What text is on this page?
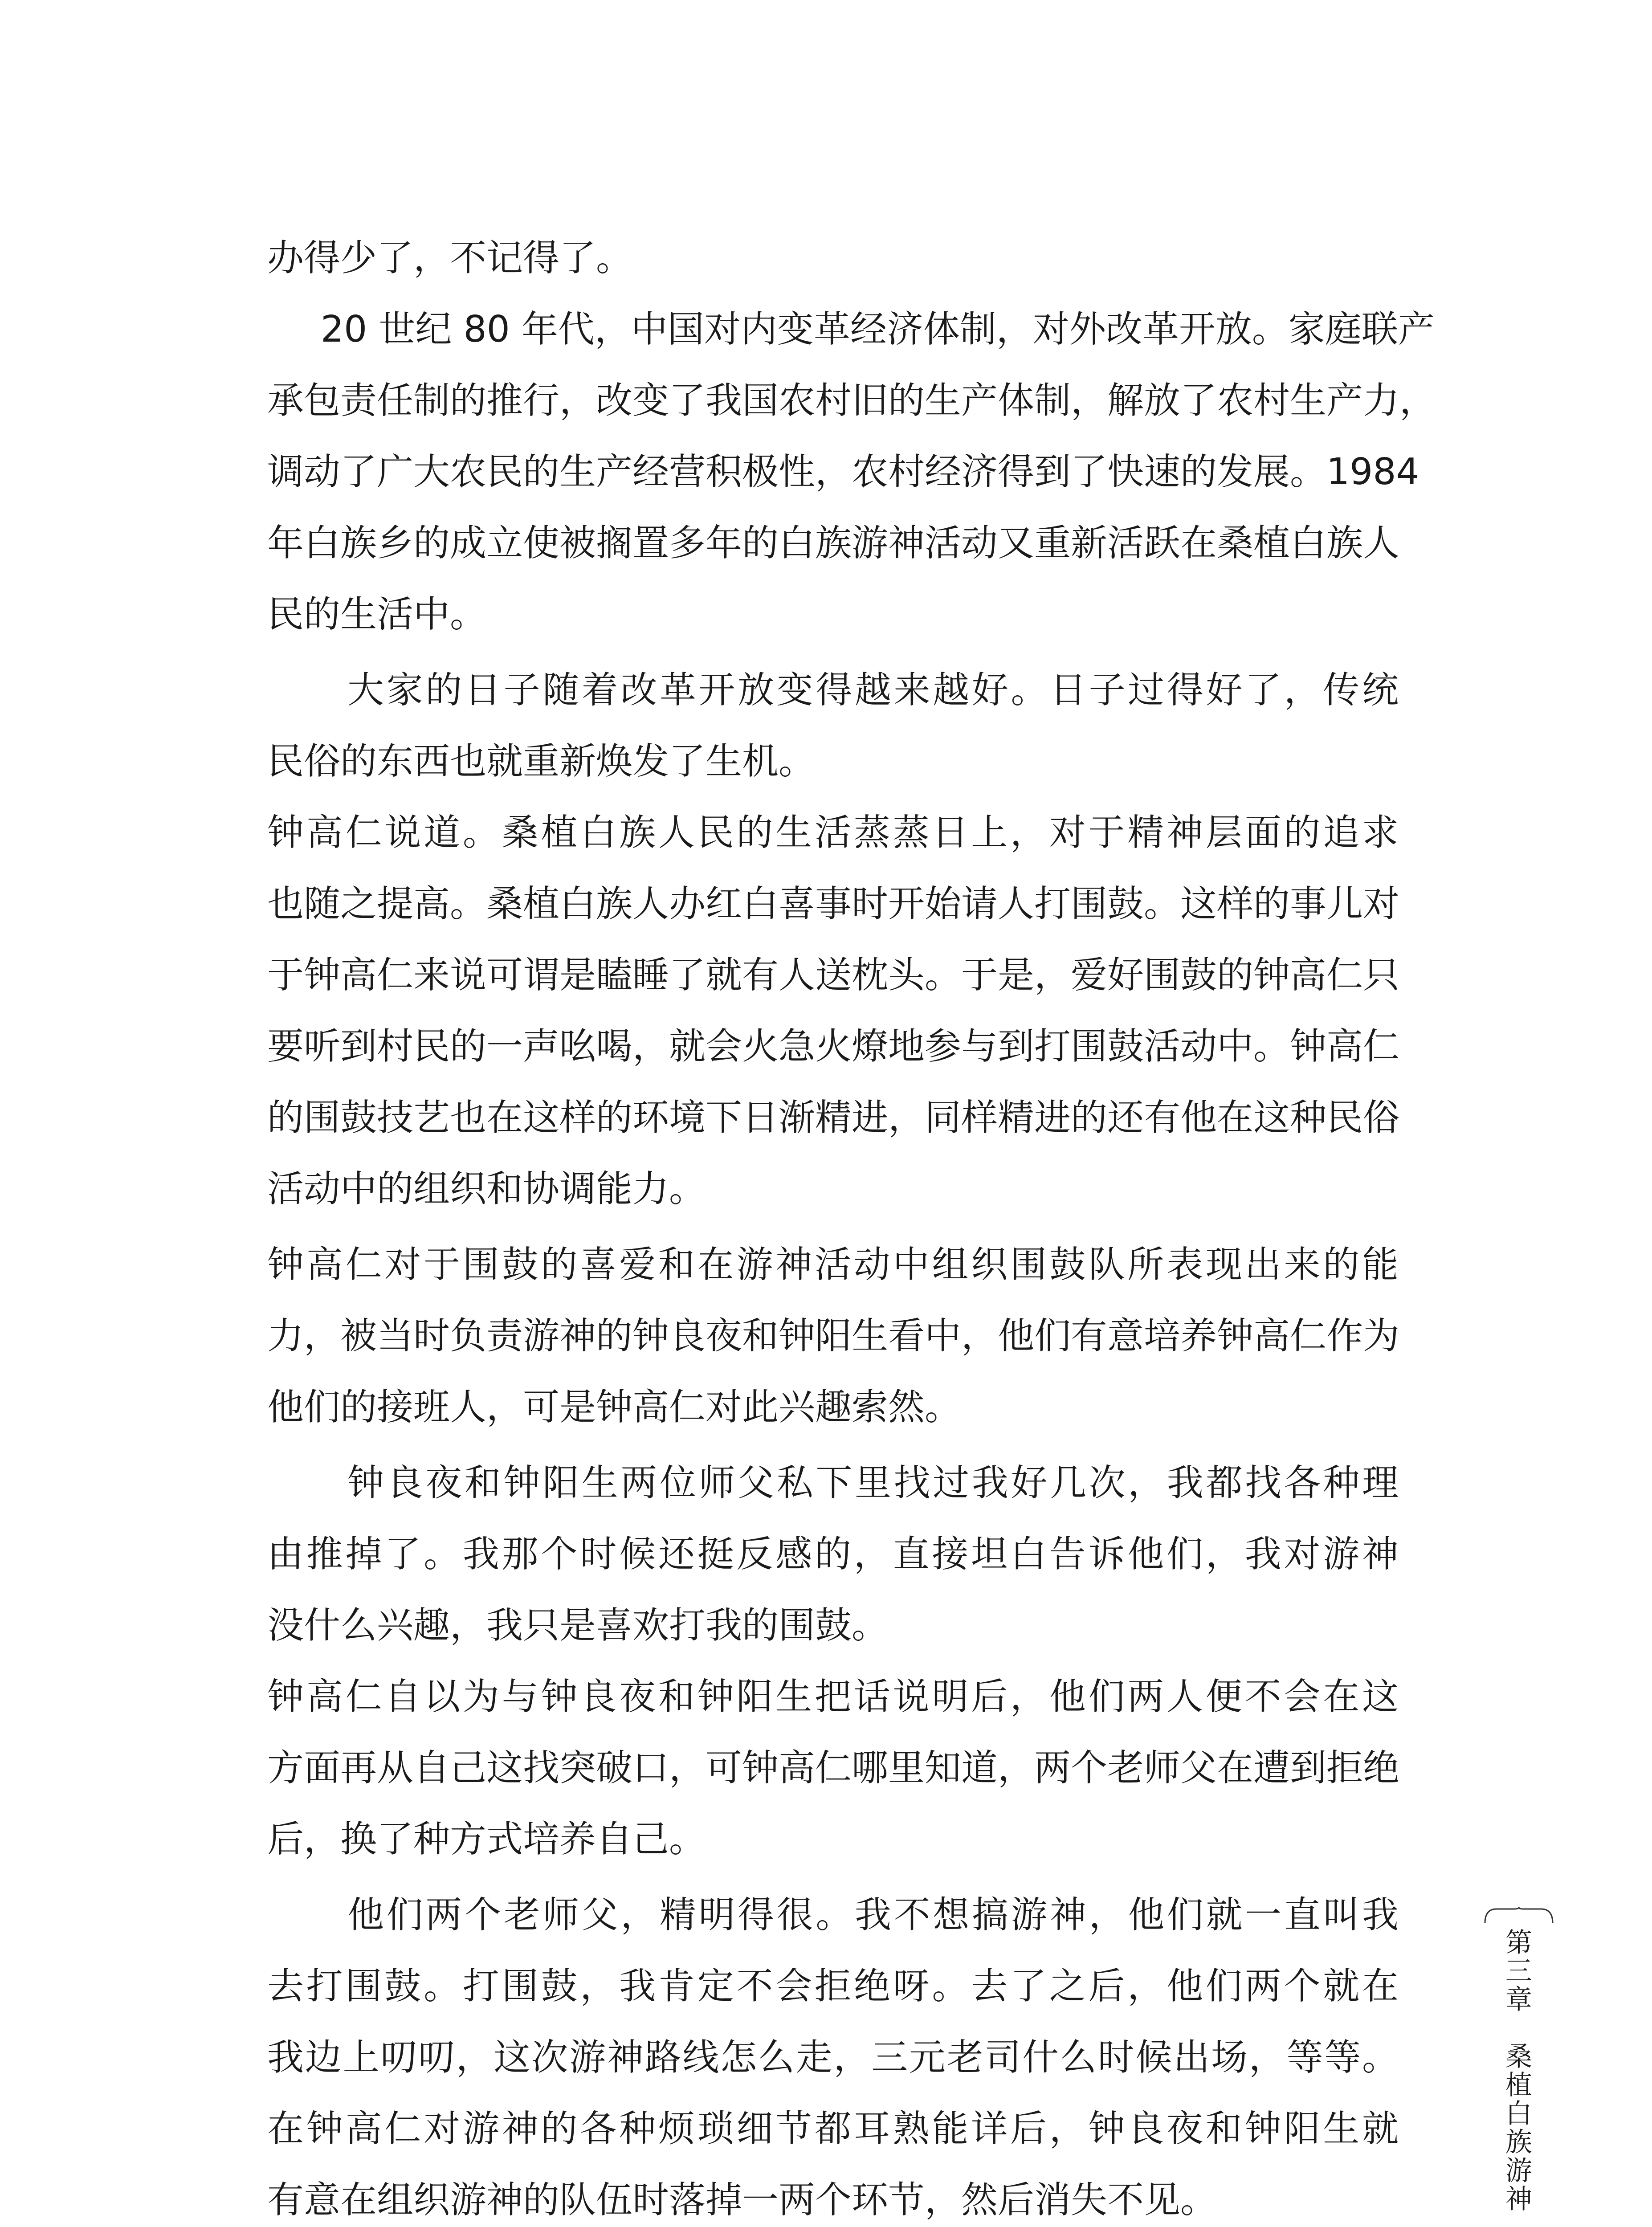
办得少了，不记得了。
20 世纪 80 年代，中国对内变革经济体制，对外改革开放。家庭联产
承包责任制的推行，改变了我国农村旧的生产体制，解放了农村生产力，
调动了广大农民的生产经营积极性，农村经济得到了快速的发展。1984
年白族乡的成立使被搁置多年的白族游神活动又重新活跃在桑植白族人
民的生活中。
大家的日子随着改革开放变得越来越好。日子过得好了，传统
民俗的东西也就重新焕发了生机。
钟高仁说道。桑植白族人民的生活蒸蒸日上，对于精神层面的追求
也随之提高。桑植白族人办红白喜事时开始请人打围鼓。这样的事儿对
于钟高仁来说可谓是瞌睡了就有人送枕头。于是，爱好围鼓的钟高仁只
要听到村民的一声吆喝，就会火急火燎地参与到打围鼓活动中。钟高仁
的围鼓技艺也在这样的环境下日渐精进，同样精进的还有他在这种民俗
活动中的组织和协调能力。
钟高仁对于围鼓的喜爱和在游神活动中组织围鼓队所表现出来的能
力，被当时负责游神的钟良夜和钟阳生看中，他们有意培养钟高仁作为
他们的接班人，可是钟高仁对此兴趣索然。
钟良夜和钟阳生两位师父私下里找过我好几次，我都找各种理
由推掉了。我那个时候还挺反感的，直接坦白告诉他们，我对游神
没什么兴趣，我只是喜欢打我的围鼓。
钟高仁自以为与钟良夜和钟阳生把话说明后，他们两人便不会在这
方面再从自己这找突破口，可钟高仁哪里知道，两个老师父在遭到拒绝
后，换了种方式培养自己。
他们两个老师父，精明得很。我不想搞游神，他们就一直叫我
去打围鼓。打围鼓，我肯定不会拒绝呀。去了之后，他们两个就在
我边上叨叨，这次游神路线怎么走，三元老司什么时候出场，等等。
在钟高仁对游神的各种烦琐细节都耳熟能详后，钟良夜和钟阳生就
有意在组织游神的队伍时落掉一两个环节，然后消失不见。
第
三
章
桑
植
白
族
游
神
